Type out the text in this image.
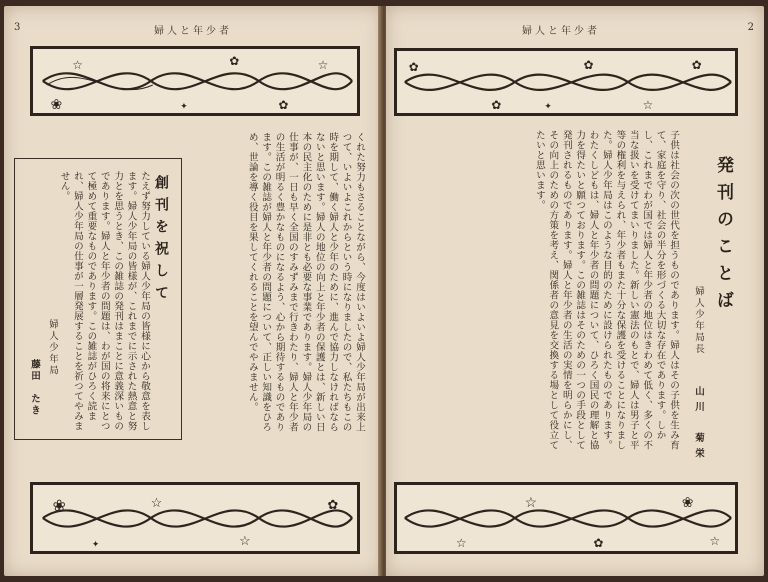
3	婦人と年少者
☆	☆
✦
❀
✿
✿
くれた努力もさることながら、今度はいよいよ婦人少年局が出来上つて、いよいよこれからという時になりましたので、私たちもこの時を期して、働く婦人と少年のために、進んで協力しなければならないと思います。婦人の地位の向上と年少者の保護とは、新しい日本の民主化のために是非とも必要な事業であります。婦人少年局の仕事が、一日も早く全国のすみずみまで行きわたり、婦人と年少者の生活が明るく豊かなものになるよう、心から期待するものであります。この雑誌が婦人と年少者の問題について、正しい知識をひろめ、世論を導く役目を果してくれることを望んでやみません。
創刊を祝して
たえず努力している婦人少年局の皆様に心から敬意を表します。婦人少年局の皆様が、これまでに示された熱意と努力とを思うとき、この雑誌の発刊はまことに意義深いものであります。婦人と年少者の問題は、わが国の将来にとつて極めて重要なものであります。この雑誌がひろく読まれ、婦人少年局の仕事が一層発展することを祈つてやみません。
婦人少年局
藤田　たき
❀	☆
☆
✿
✦
婦人と年少者	2
✿
✿
✿
☆
✿
✦
発刊のことば
婦人少年局長
山川　菊栄
子供は社会の次の世代を担うものであります。婦人はその子供を生み育て、家庭を守り、社会の半分を形づくる大切な存在であります。しかし、これまでわが国では婦人と年少者の地位はきわめて低く、多くの不当な扱いを受けてまいりました。新しい憲法のもとで、婦人は男子と平等の権利を与えられ、年少者もまた十分な保護を受けることになりました。婦人少年局はこのような目的のために設けられたものであります。わたくしどもは、婦人と年少者の問題について、ひろく国民の理解と協力を得たいと願つております。この雑誌はそのための一つの手段として発刊されるものであります。婦人と年少者の生活の実情を明らかにし、その向上のための方策を考え、関係者の意見を交換する場として役立てたいと思います。
☆
☆
✿
❀
☆
